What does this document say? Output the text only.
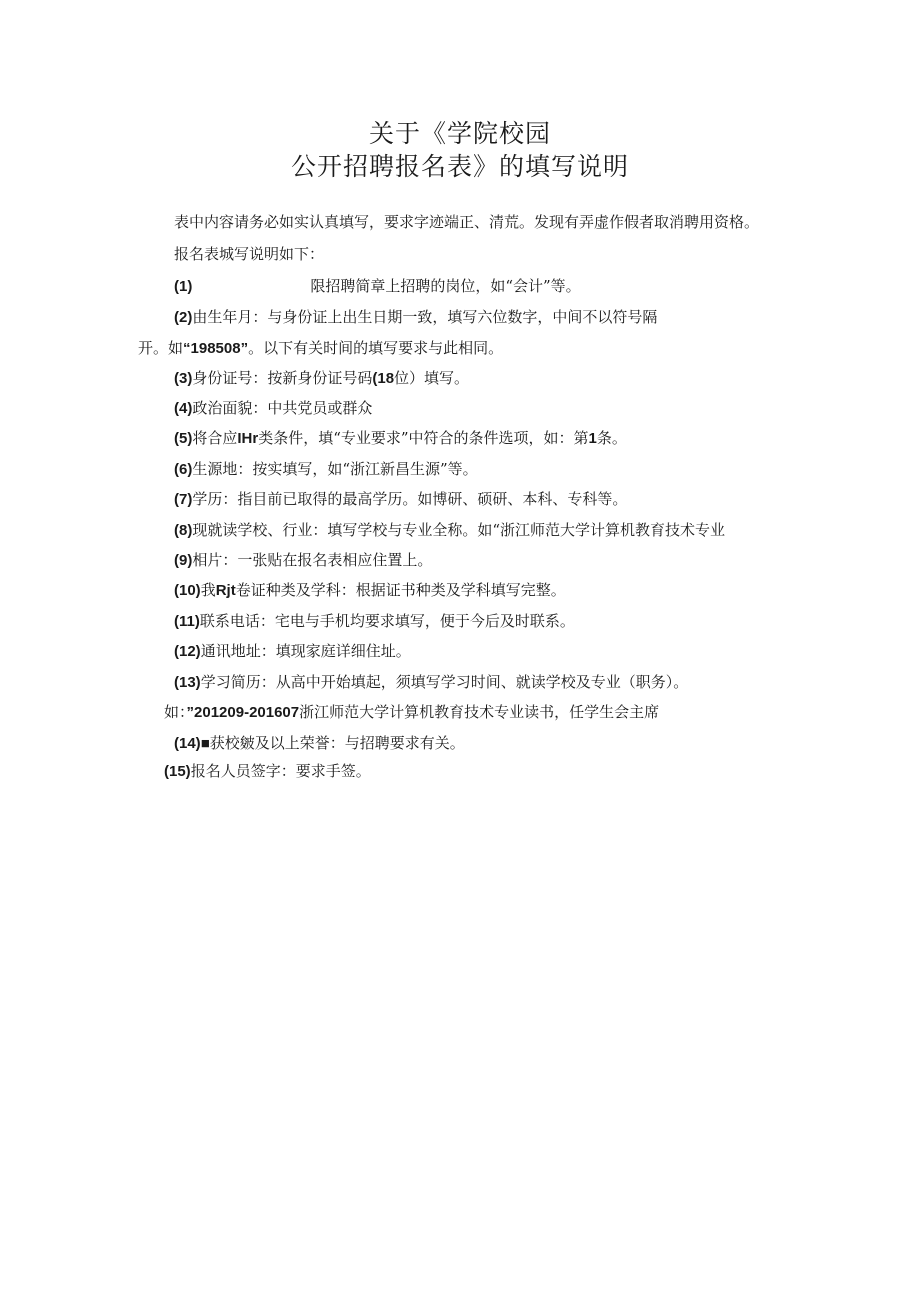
关于《学院校园
公开招聘报名表》的填写说明
表中内容请务必如实认真填写，要求字迹端正、清荒。发现有弄虚作假者取消聘用资格。
报名表城写说明如下：
(1)	限招聘简章上招聘的岗位，如“会计”等。
(2)由生年月：与身份证上出生日期一致，填写六位数字，中间不以符号隔
开。如“198508”。以下有关时间的填写要求与此相同。
(3)身份证号：按新身份证号码(18位）填写。
(4)政治面貌：中共党员或群众
(5)将合应IHr类条件，填“专业要求”中符合的条件选项，如：第1条。
(6)生源地：按实填写，如“浙江新昌生源”等。
(7)学历：指目前已取得的最高学历。如博研、硕研、本科、专科等。
(8)现就读学校、行业：填写学校与专业全称。如“浙江师范大学计算机教育技术专业
(9)相片：一张贴在报名表相应住置上。
(10)我Rjt卷证种类及学科：根据证书种类及学科填写完整。
(11)联系电话：宅电与手机均要求填写，便于今后及时联系。
(12)通讯地址：填现家庭详细住址。
(13)学习简历：从高中开始填起，须填写学习时间、就读学校及专业（职务）。
如：”201209-201607浙江师范大学计算机教育技术专业读书，任学生会主席
(14)■获校皴及以上荣誉：与招聘要求有关。
(15)报名人员签字：要求手签。
